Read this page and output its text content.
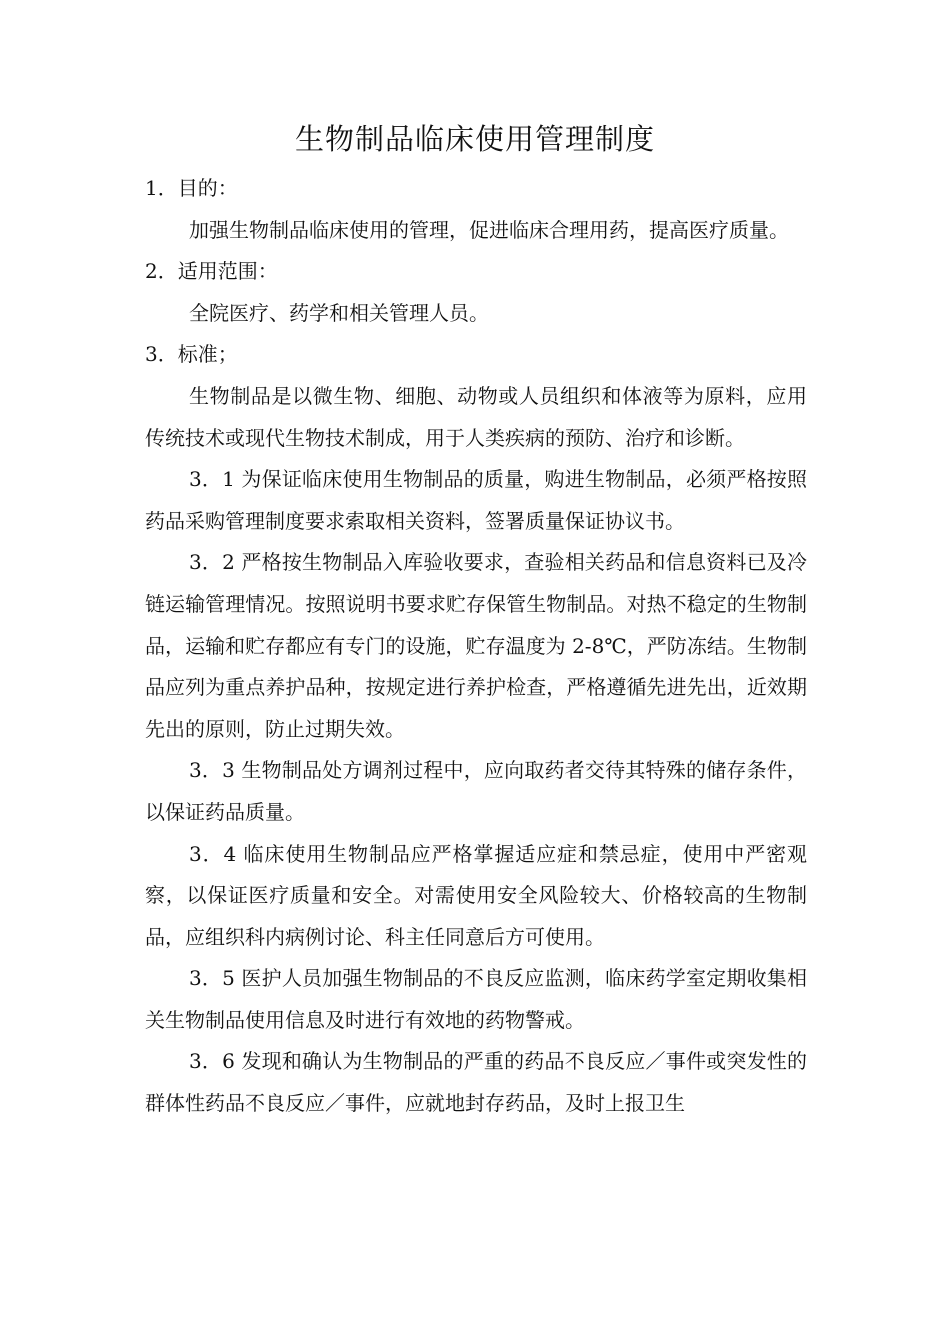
生物制品临床使用管理制度

1．目的：

加强生物制品临床使用的管理，促进临床合理用药，提高医疗质量。

2．适用范围：

全院医疗、药学和相关管理人员。

3．标准；

生物制品是以微生物、细胞、动物或人员组织和体液等为原料，应用传统技术或现代生物技术制成，用于人类疾病的预防、治疗和诊断。

3．1 为保证临床使用生物制品的质量，购进生物制品，必须严格按照药品采购管理制度要求索取相关资料，签署质量保证协议书。

3．2 严格按生物制品入库验收要求，查验相关药品和信息资料已及冷链运输管理情况。按照说明书要求贮存保管生物制品。对热不稳定的生物制品，运输和贮存都应有专门的设施，贮存温度为 2-8℃，严防冻结。生物制品应列为重点养护品种，按规定进行养护检查，严格遵循先进先出，近效期先出的原则，防止过期失效。

3．3 生物制品处方调剂过程中，应向取药者交待其特殊的储存条件，以保证药品质量。

3．4 临床使用生物制品应严格掌握适应症和禁忌症，使用中严密观察，以保证医疗质量和安全。对需使用安全风险较大、价格较高的生物制品，应组织科内病例讨论、科主任同意后方可使用。

3．5 医护人员加强生物制品的不良反应监测，临床药学室定期收集相关生物制品使用信息及时进行有效地的药物警戒。

3．6 发现和确认为生物制品的严重的药品不良反应／事件或突发性的群体性药品不良反应／事件，应就地封存药品，及时上报卫生
